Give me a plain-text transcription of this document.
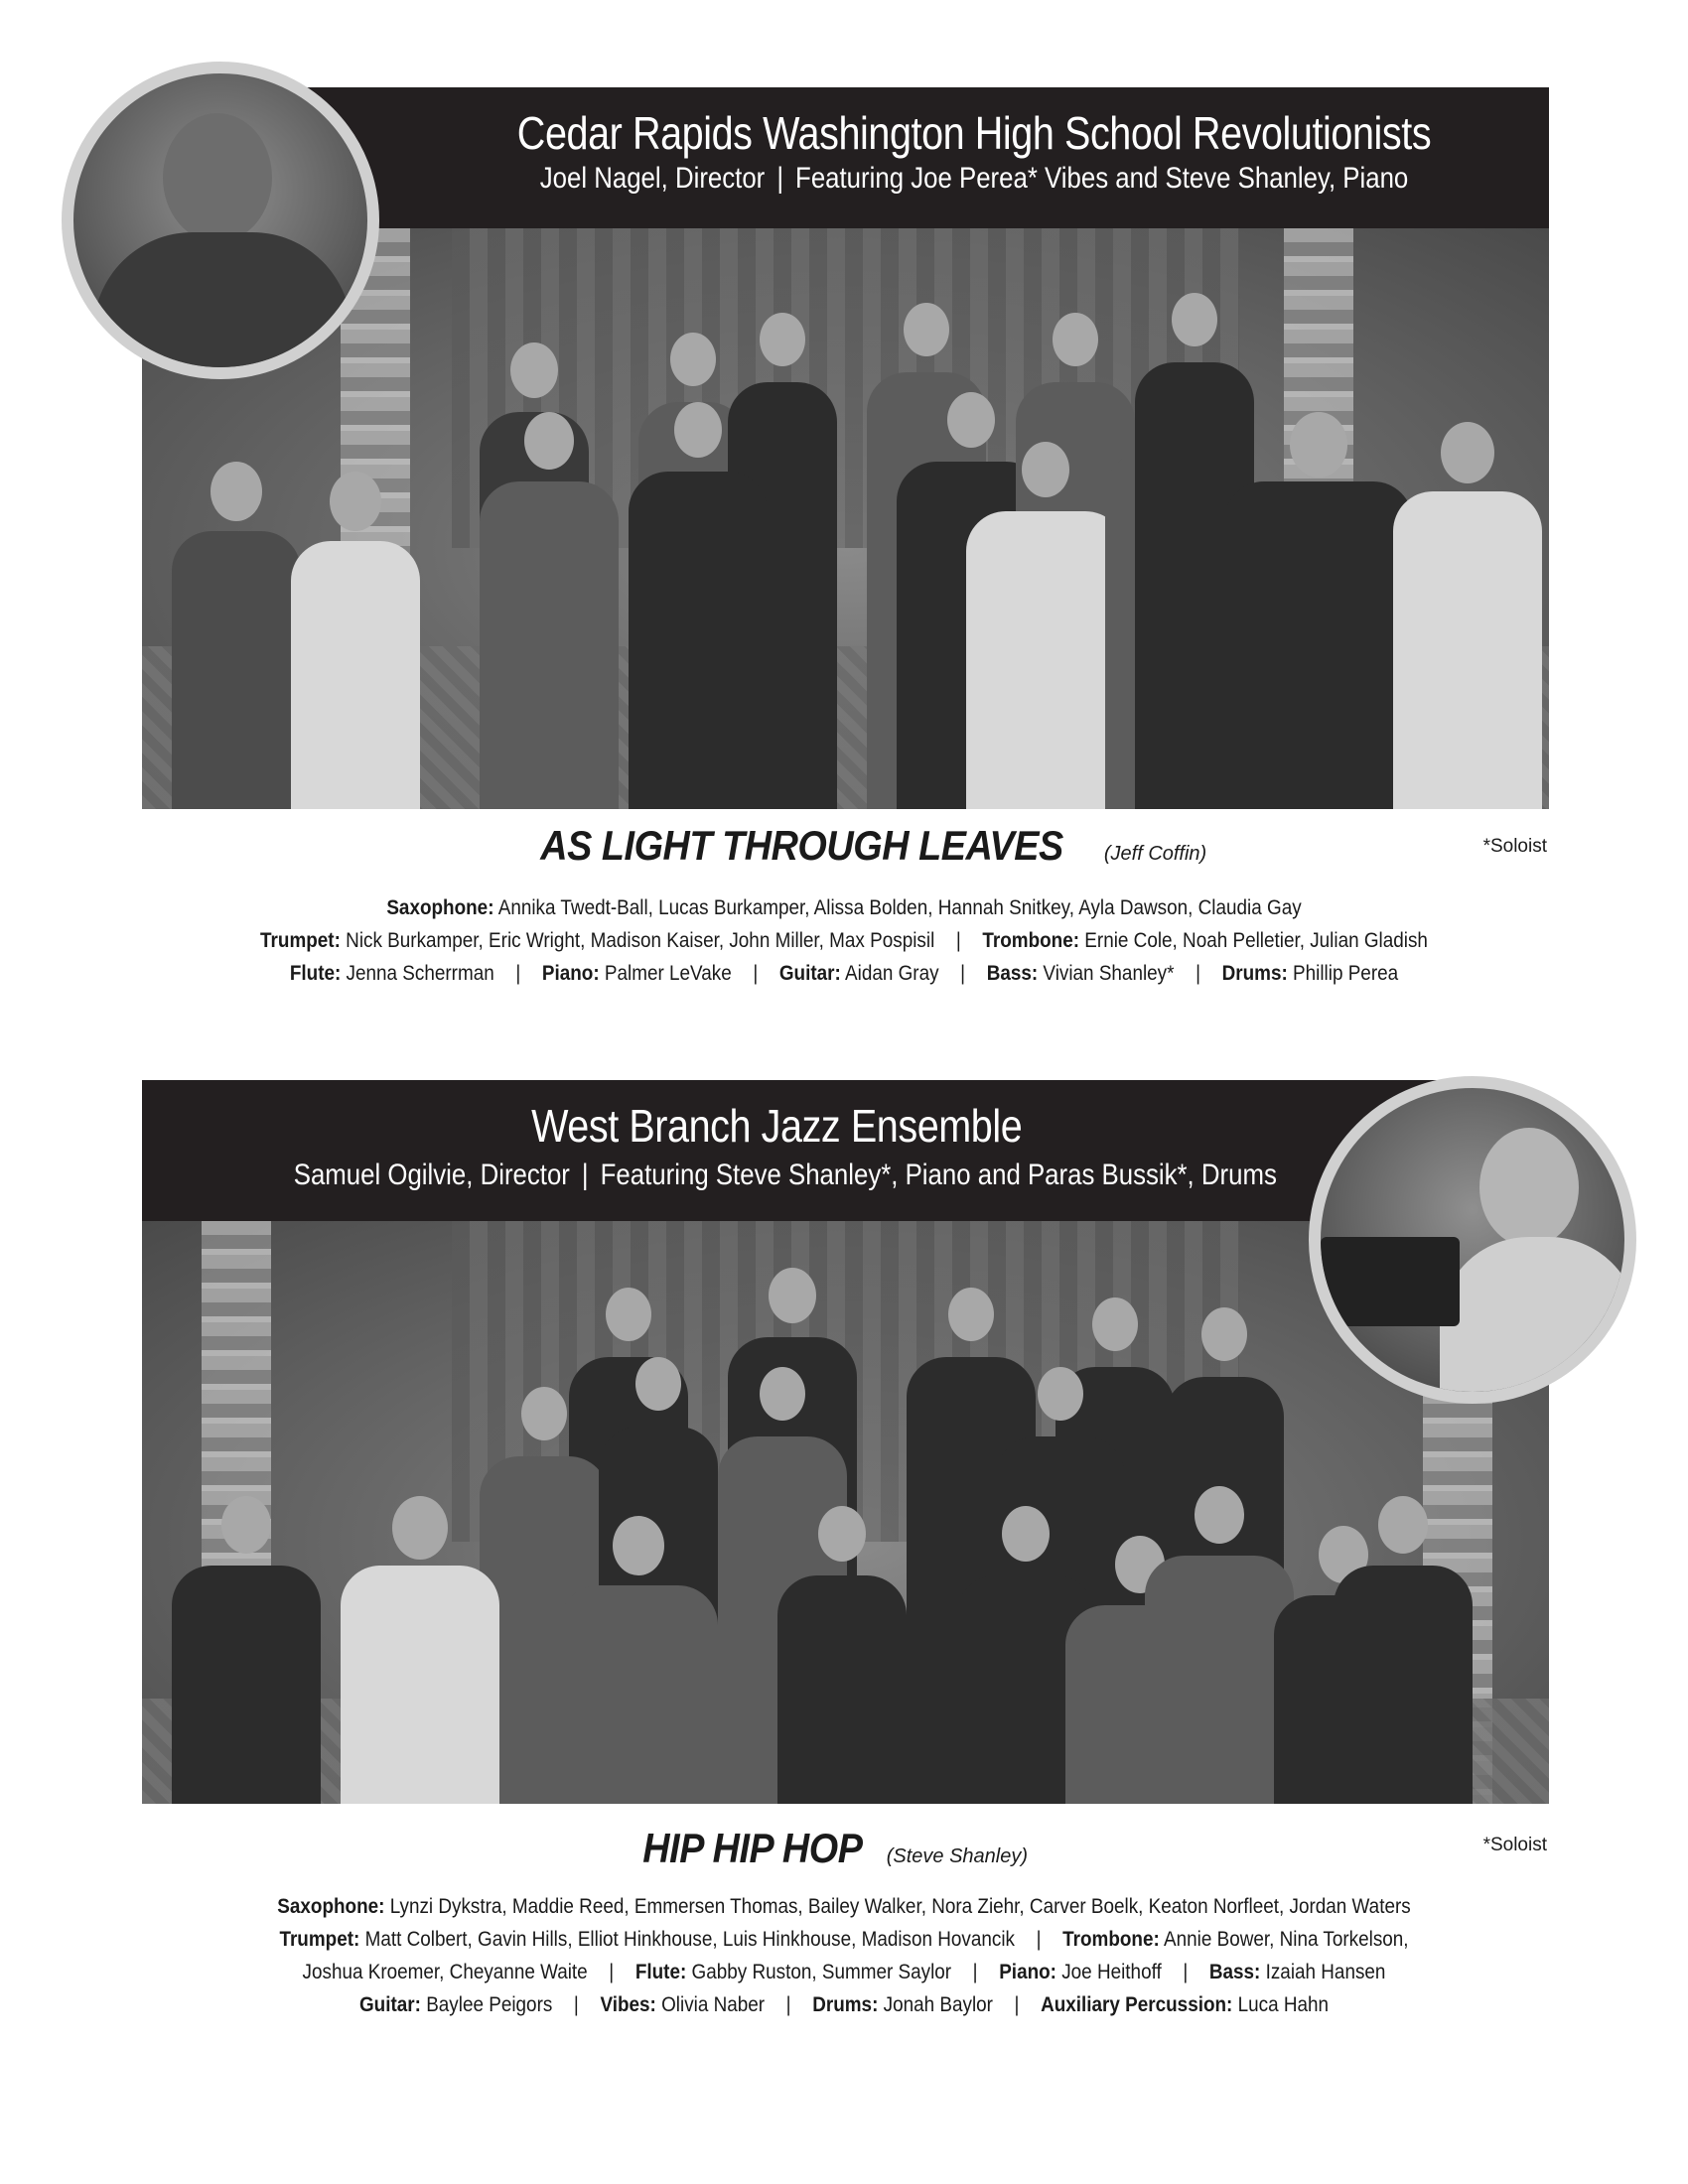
Cedar Rapids Washington High School Revolutionists
Joel Nagel, Director | Featuring Joe Perea* Vibes and Steve Shanley, Piano
AS LIGHT THROUGH LEAVES (Jeff Coffin)	*Soloist
Saxophone: Annika Twedt-Ball, Lucas Burkamper, Alissa Bolden, Hannah Snitkey, Ayla Dawson, Claudia Gay
Trumpet: Nick Burkamper, Eric Wright, Madison Kaiser, John Miller, Max Pospisil | Trombone: Ernie Cole, Noah Pelletier, Julian Gladish
Flute: Jenna Scherrman | Piano: Palmer LeVake | Guitar: Aidan Gray | Bass: Vivian Shanley* | Drums: Phillip Perea
West Branch Jazz Ensemble
Samuel Ogilvie, Director | Featuring Steve Shanley*, Piano and Paras Bussik*, Drums
HIP HIP HOP (Steve Shanley)
*Soloist
Saxophone: Lynzi Dykstra, Maddie Reed, Emmersen Thomas, Bailey Walker, Nora Ziehr, Carver Boelk, Keaton Norfleet, Jordan Waters
Trumpet: Matt Colbert, Gavin Hills, Elliot Hinkhouse, Luis Hinkhouse, Madison Hovancik | Trombone: Annie Bower, Nina Torkelson,
Joshua Kroemer, Cheyanne Waite | Flute: Gabby Ruston, Summer Saylor | Piano: Joe Heithoff | Bass: Izaiah Hansen
Guitar: Baylee Peigors | Vibes: Olivia Naber | Drums: Jonah Baylor | Auxiliary Percussion: Luca Hahn
